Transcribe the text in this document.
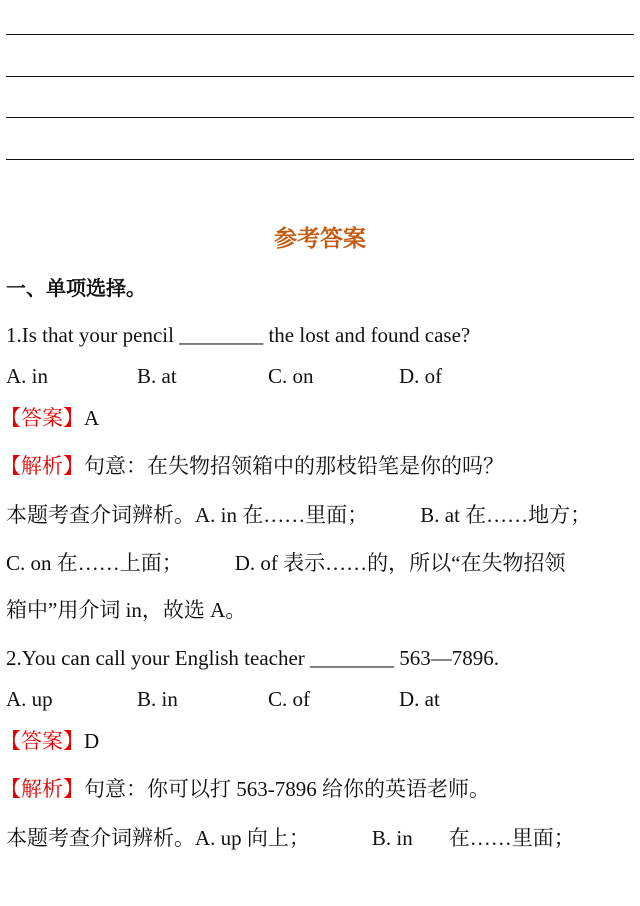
参考答案
一、单项选择。
1.Is that your pencil ________ the lost and found case?
A. in	B. at	C. on	D. of
【答案】A
【解析】句意：在失物招领箱中的那枝铅笔是你的吗？
本题考查介词辨析。A. in 在……里面； B. at 在……地方；
C. on 在……上面； D. of 表示……的，所以“在失物招领
箱中”用介词 in，故选 A。
2.You can call your English teacher ________ 563—7896.
A. up	B. in	C. of	D. at
【答案】D
【解析】句意：你可以打 563-7896 给你的英语老师。
本题考查介词辨析。A. up 向上；	B. in 在……里面；
